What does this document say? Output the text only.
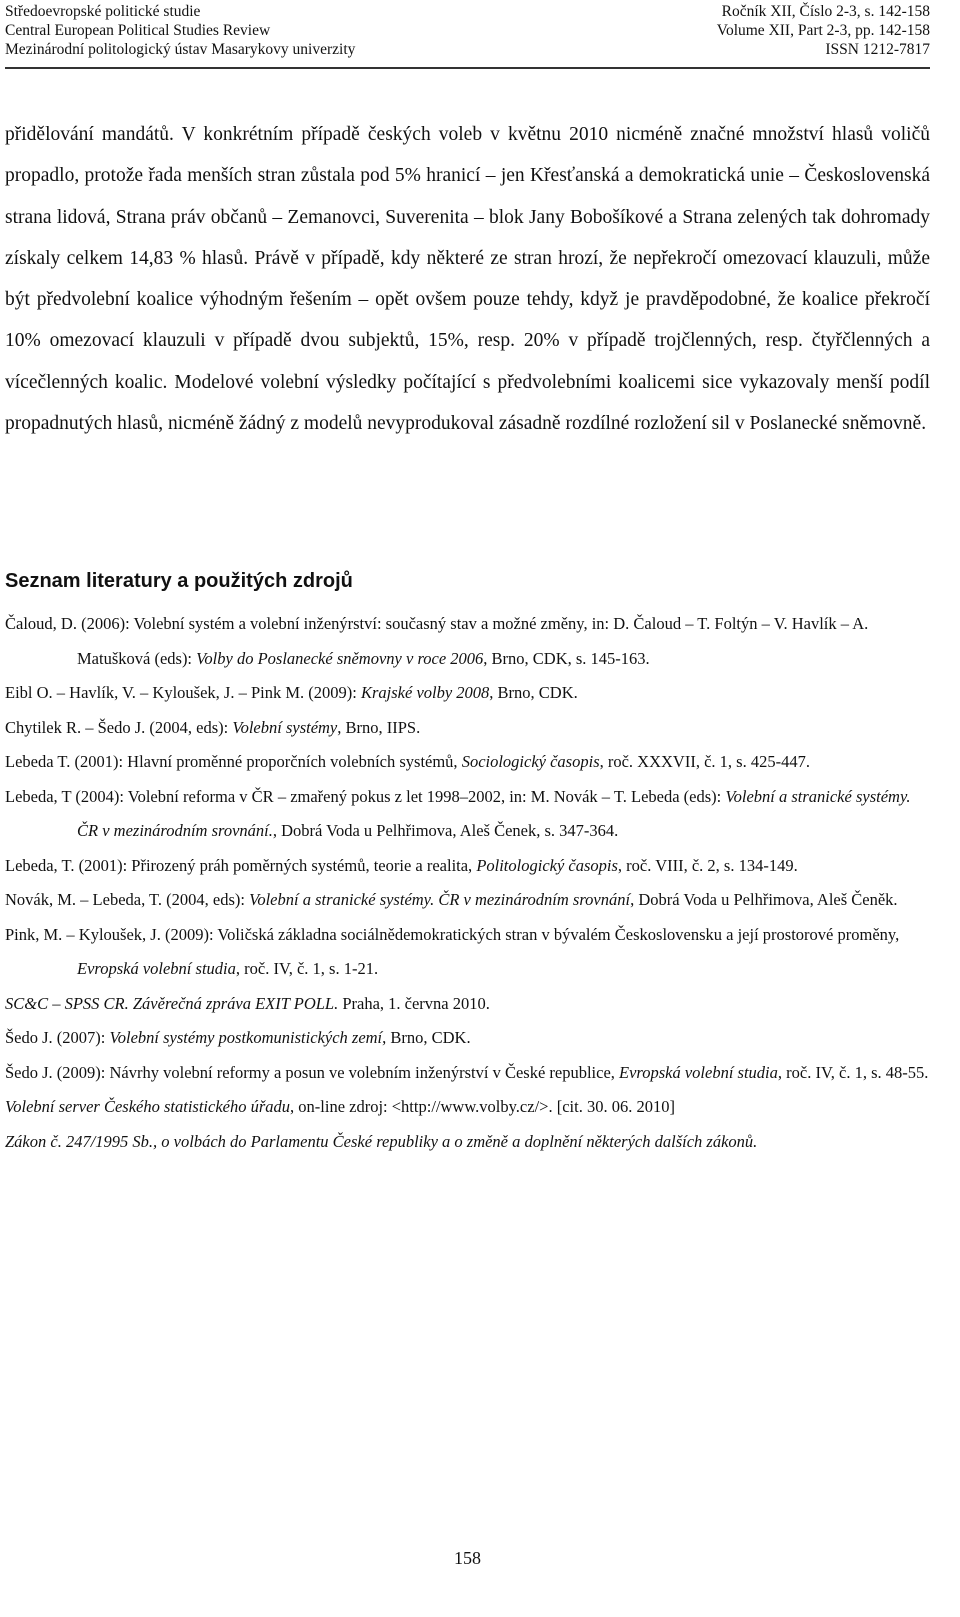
Středoevropské politické studie	Ročník XII, Číslo 2-3, s. 142-158
Central European Political Studies Review	Volume XII, Part 2-3, pp. 142-158
Mezinárodní politologický ústav Masarykovy univerzity	ISSN 1212-7817
přidělování mandátů. V konkrétním případě českých voleb v květnu 2010 nicméně značné množství hlasů voličů propadlo, protože řada menších stran zůstala pod 5% hranicí – jen Křesťanská a demokratická unie – Československá strana lidová, Strana práv občanů – Zemanovci, Suverenita – blok Jany Bobošíkové a Strana zelených tak dohromady získaly celkem 14,83 % hlasů. Právě v případě, kdy některé ze stran hrozí, že nepřekročí omezovací klauzuli, může být předvolební koalice výhodným řešením – opět ovšem pouze tehdy, když je pravděpodobné, že koalice překročí 10% omezovací klauzuli v případě dvou subjektů, 15%, resp. 20% v případě trojčlenných, resp. čtyřčlenných a vícečlenných koalic. Modelové volební výsledky počítající s předvolebními koalicemi sice vykazovaly menší podíl propadnutých hlasů, nicméně žádný z modelů nevyprodukoval zásadně rozdílné rozložení sil v Poslanecké sněmovně.
Seznam literatury a použitých zdrojů
Čaloud, D. (2006): Volební systém a volební inženýrství: současný stav a možné změny, in: D. Čaloud – T. Foltýn – V. Havlík – A. Matušková (eds): Volby do Poslanecké sněmovny v roce 2006, Brno, CDK, s. 145-163.
Eibl O. – Havlík, V. – Kyloušek, J. – Pink M. (2009): Krajské volby 2008, Brno, CDK.
Chytilek R. – Šedo J. (2004, eds): Volební systémy, Brno, IIPS.
Lebeda T. (2001): Hlavní proměnné proporčních volebních systémů, Sociologický časopis, roč. XXXVII, č. 1, s. 425-447.
Lebeda, T (2004): Volební reforma v ČR – zmařený pokus z let 1998–2002, in: M. Novák – T. Lebeda (eds): Volební a stranické systémy. ČR v mezinárodním srovnání., Dobrá Voda u Pelhřimova, Aleš Čenek, s. 347-364.
Lebeda, T. (2001): Přirozený práh poměrných systémů, teorie a realita, Politologický časopis, roč. VIII, č. 2, s. 134-149.
Novák, M. – Lebeda, T. (2004, eds): Volební a stranické systémy. ČR v mezinárodním srovnání, Dobrá Voda u Pelhřimova, Aleš Čeněk.
Pink, M. – Kyloušek, J. (2009): Voličská základna sociálnědemokratických stran v bývalém Československu a její prostorové proměny, Evropská volební studia, roč. IV, č. 1, s. 1-21.
SC&C – SPSS CR. Závěrečná zpráva EXIT POLL. Praha, 1. června 2010.
Šedo J. (2007): Volební systémy postkomunistických zemí, Brno, CDK.
Šedo J. (2009): Návrhy volební reformy a posun ve volebním inženýrství v České republice, Evropská volební studia, roč. IV, č. 1, s. 48-55.
Volební server Českého statistického úřadu, on-line zdroj: <http://www.volby.cz/>. [cit. 30. 06. 2010]
Zákon č. 247/1995 Sb., o volbách do Parlamentu České republiky a o změně a doplnění některých dalších zákonů.
158
